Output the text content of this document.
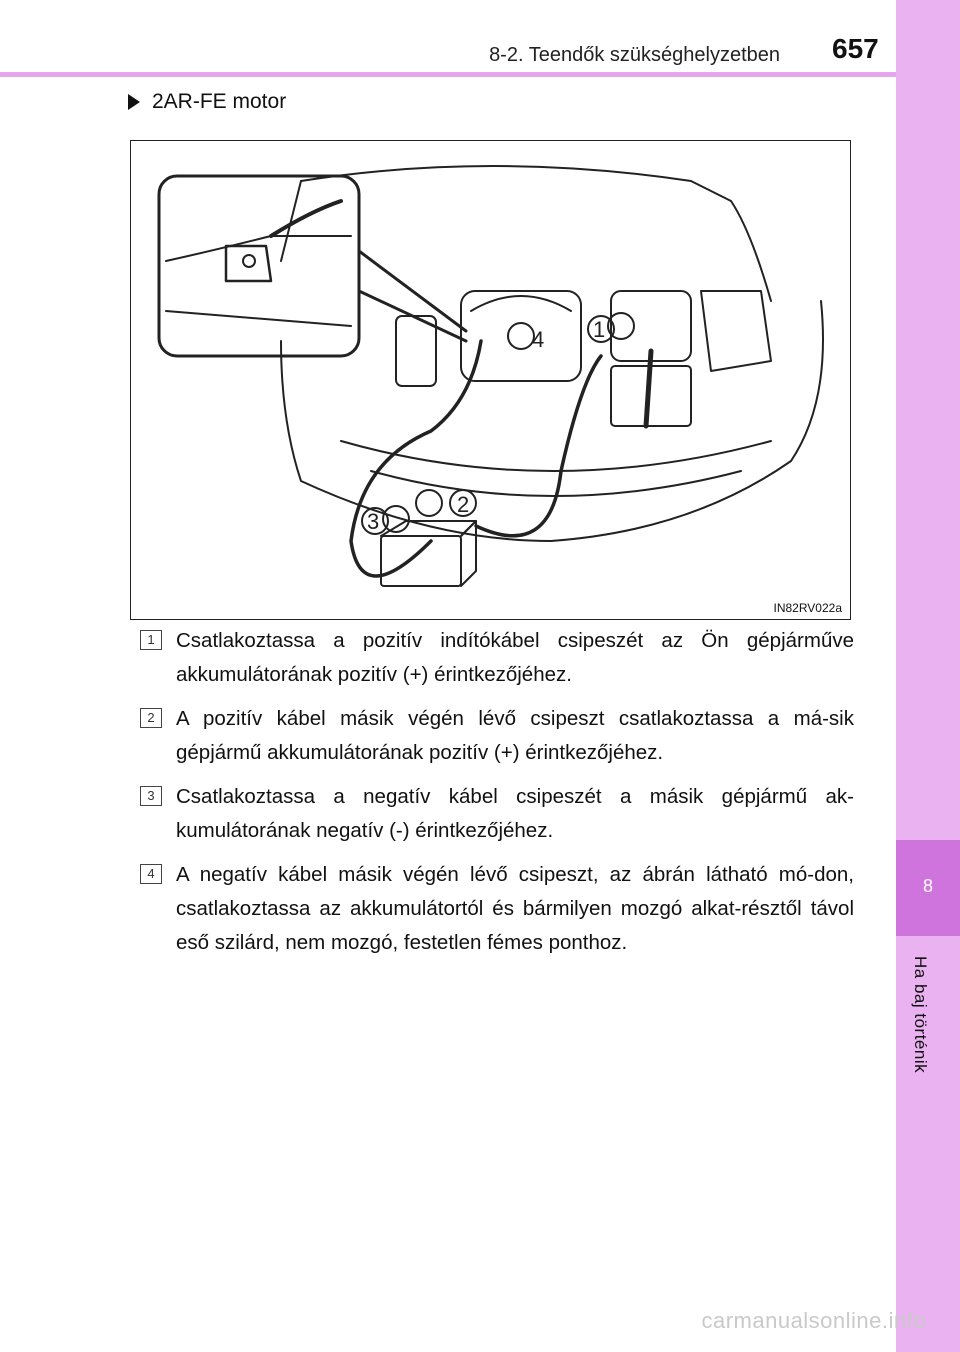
8-2. Teendők szükséghelyzetben 657
8
Ha baj történik
2AR-FE motor
1
2
3
4
IN82RV022a
1	Csatlakoztassa a pozitív indítókábel csipeszét az Ön gépjárműve akkumulátorának pozitív (+) érintkezőjéhez.
2	A pozitív kábel másik végén lévő csipeszt csatlakoztassa a má-sik gépjármű akkumulátorának pozitív (+) érintkezőjéhez.
3	Csatlakoztassa a negatív kábel csipeszét a másik gépjármű ak-kumulátorának negatív (-) érintkezőjéhez.
4	A negatív kábel másik végén lévő csipeszt, az ábrán látható mó-don, csatlakoztassa az akkumulátortól és bármilyen mozgó alkat-résztől távol eső szilárd, nem mozgó, festetlen fémes ponthoz.
carmanualsonline.info
